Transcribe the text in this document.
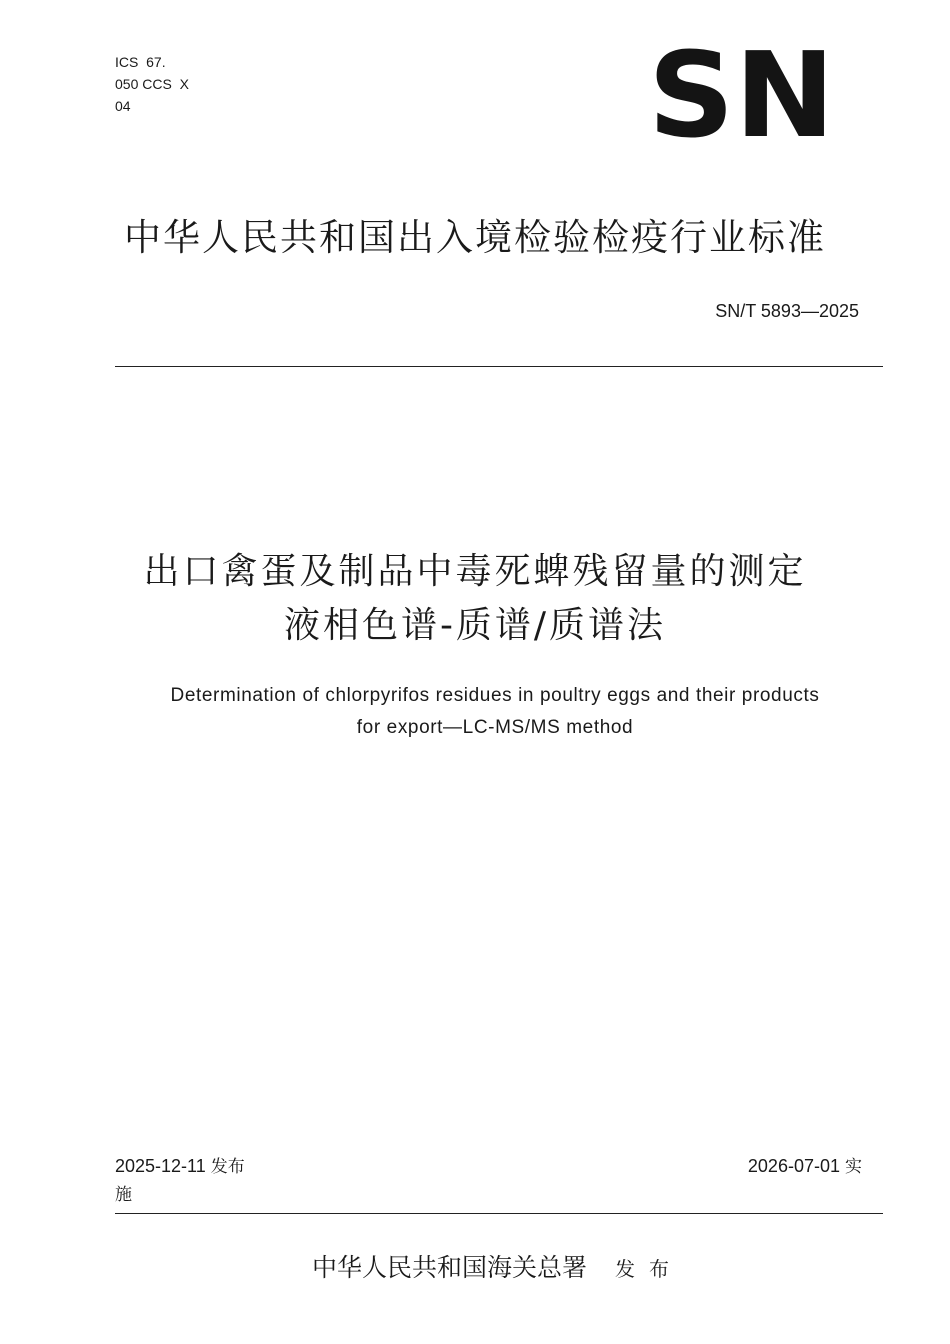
ICS  67.
050 CCS  X
04	SN
中华人民共和国出入境检验检疫行业标准
SN/T 5893—2025
出口禽蛋及制品中毒死蜱残留量的测定
液相色谱-质谱/质谱法
Determination of chlorpyrifos residues in poultry eggs and their products
for export—LC-MS/MS method
2025-12-11 发布
施
2026-07-01 实
中华人民共和国海关总署 发布
